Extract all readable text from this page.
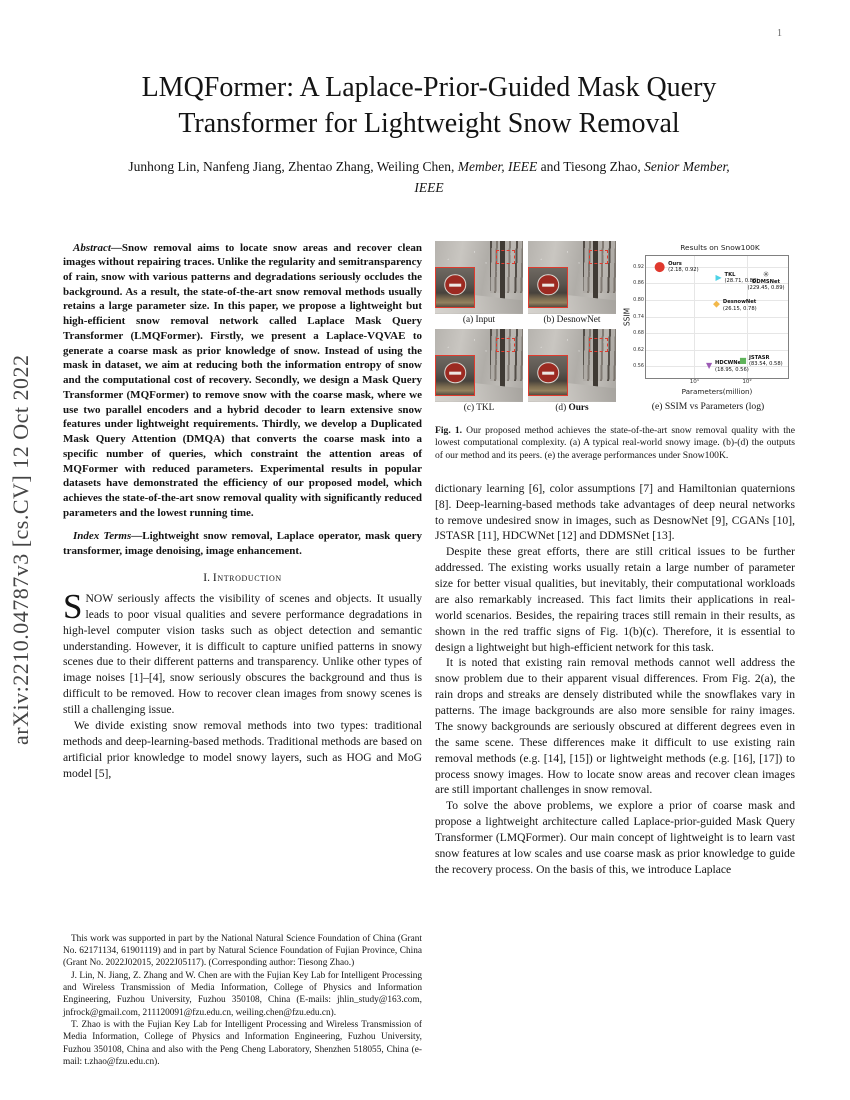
1
arXiv:2210.04787v3 [cs.CV] 12 Oct 2022
LMQFormer: A Laplace-Prior-Guided Mask Query Transformer for Lightweight Snow Removal
Junhong Lin, Nanfeng Jiang, Zhentao Zhang, Weiling Chen, Member, IEEE and Tiesong Zhao, Senior Member, IEEE

Abstract—Snow removal aims to locate snow areas and recover clean images without repairing traces. Unlike the regularity and semitransparency of rain, snow with various patterns and degradations seriously occludes the background. As a result, the state-of-the-art snow removal methods usually retains a large parameter size. In this paper, we propose a lightweight but high-efficient snow removal network called Laplace Mask Query Transformer (LMQFormer). Firstly, we present a Laplace-VQVAE to generate a coarse mask as prior knowledge of snow. Instead of using the mask in dataset, we aim at reducing both the information entropy of snow and the computational cost of recovery. Secondly, we design a Mask Query Transformer (MQFormer) to remove snow with the coarse mask, where we use two parallel encoders and a hybrid decoder to learn extensive snow features under lightweight requirements. Thirdly, we develop a Duplicated Mask Query Attention (DMQA) that converts the coarse mask into a specific number of queries, which constraint the attention areas of MQFormer with reduced parameters. Experimental results in popular datasets have demonstrated the efficiency of our proposed model, which achieves the state-of-the-art snow removal quality with significantly reduced parameters and the lowest running time.

Index Terms—Lightweight snow removal, Laplace operator, mask query transformer, image denoising, image enhancement.

I. Introduction

SNOW seriously affects the visibility of scenes and objects. It usually leads to poor visual qualities and severe performance degradations in high-level computer vision tasks such as object detection and semantic understanding. However, it is difficult to capture unified patterns in snowy scenes due to their different patterns and transparency. Unlike other types of image noises [1]–[4], snow seriously obscures the background and thus is difficult to be removed. How to recover clean images from snowy scenes is still a challenging issue.

We divide existing snow removal methods into two types: traditional methods and deep-learning-based methods. Traditional methods are based on artificial prior knowledge to model snowy layers, such as HOG and MoG model [5],

This work was supported in part by the National Natural Science Foundation of China (Grant No. 62171134, 61901119) and in part by Natural Science Foundation of Fujian Province, China (Grant No. 2022J02015, 2022J05117). (Corresponding author: Tiesong Zhao.)

J. Lin, N. Jiang, Z. Zhang and W. Chen are with the Fujian Key Lab for Intelligent Processing and Wireless Transmission of Media Information, College of Physics and Information Engineering, Fuzhou University, Fuzhou 350108, China (E-mails: jhlin_study@163.com, jnfrock@gmail.com, 211120091@fzu.edu.cn, weiling.chen@fzu.edu.cn).

T. Zhao is with the Fujian Key Lab for Intelligent Processing and Wireless Transmission of Media Information, College of Physics and Information Engineering, Fuzhou University, Fuzhou 350108, China and also with the Peng Cheng Laboratory, Shenzhen 518055, China (e-mail: t.zhao@fzu.edu.cn).

(a) Input	(b) DesnowNet
(c) TKL	(d) Ours
Results on Snow100K
SSIM
0.92
0.86
0.80
0.74
0.68
0.62
0.56
10¹	10²
● Ours
(2.18, 0.92)
▶ TKL
(28.71, 0.88)
✳
DDMSNet
(229.45, 0.89)
◆ DesnowNet
(26.15, 0.78)
▼ HDCWNet
(18.95, 0.56)
■ JSTASR
(83.54, 0.58)
Parameters(million)
(e) SSIM vs Parameters (log)

Fig. 1. Our proposed method achieves the state-of-the-art snow removal quality with the lowest computational complexity. (a) A typical real-world snowy image. (b)-(d) the outputs of our method and its peers. (e) the average performances under Snow100K.

dictionary learning [6], color assumptions [7] and Hamiltonian quaternions [8]. Deep-learning-based methods take advantages of deep neural networks to remove undesired snow in images, such as DesnowNet [9], CGANs [10], JSTASR [11], HDCWNet [12] and DDMSNet [13].

Despite these great efforts, there are still critical issues to be further addressed. The existing works usually retain a large number of parameter size for better visual qualities, but inevitably, their computational workloads are also remarkably increased. This fact limits their applications in real-world scenarios. Besides, the repairing traces still remain in their results, as shown in the red traffic signs of Fig. 1(b)(c). Therefore, it is essential to design a lightweight but high-efficient network for this task.

It is noted that existing rain removal methods cannot well address the snow problem due to their apparent visual differences. From Fig. 2(a), the rain drops and streaks are densely distributed while the snowflakes vary in patterns. The image backgrounds are also more sensible for rainy images. The snowy backgrounds are seriously obscured at different degrees even in the same scene. These differences make it difficult to use existing rain removal methods (e.g. [14], [15]) or lightweight methods (e.g. [16], [17]) to process snowy images. How to locate snow areas and recover clean images are still important challenges in snow removal.

To solve the above problems, we explore a prior of coarse mask and propose a lightweight architecture called Laplace-prior-guided Mask Query Transformer (LMQFormer). Our main concept of lightweight is to learn vast snow features at low scales and use coarse mask as prior knowledge to guide the recovery process. On the basis of this, we introduce Laplace
